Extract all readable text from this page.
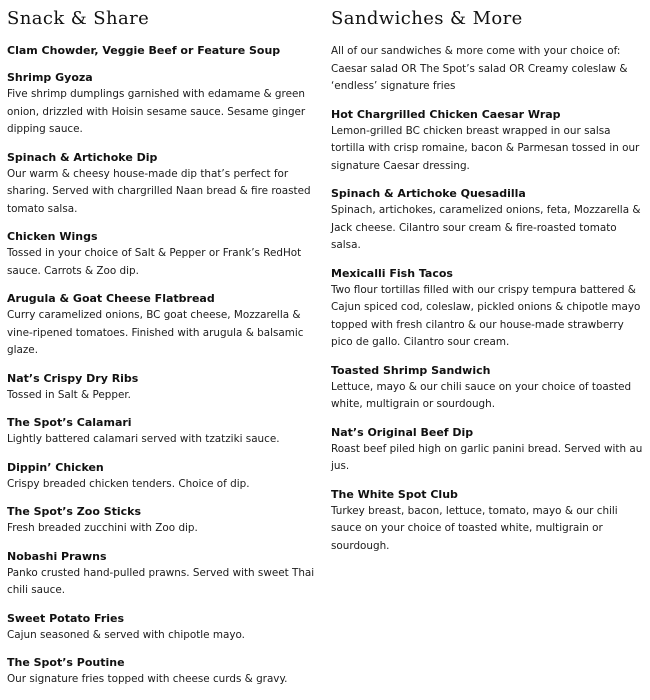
Snack & Share
Clam Chowder, Veggie Beef or Feature Soup
Shrimp Gyoza
Five shrimp dumplings garnished with edamame & green onion, drizzled with Hoisin sesame sauce. Sesame ginger dipping sauce.
Spinach & Artichoke Dip
Our warm & cheesy house-made dip that’s perfect for sharing. Served with chargrilled Naan bread & fire roasted tomato salsa.
Chicken Wings
Tossed in your choice of Salt & Pepper or Frank’s RedHot sauce. Carrots & Zoo dip.
Arugula & Goat Cheese Flatbread
Curry caramelized onions, BC goat cheese, Mozzarella & vine-ripened tomatoes. Finished with arugula & balsamic glaze.
Nat’s Crispy Dry Ribs
Tossed in Salt & Pepper.
The Spot’s Calamari
Lightly battered calamari served with tzatziki sauce.
Dippin’ Chicken
Crispy breaded chicken tenders. Choice of dip.
The Spot’s Zoo Sticks
Fresh breaded zucchini with Zoo dip.
Nobashi Prawns
Panko crusted hand-pulled prawns. Served with sweet Thai chili sauce.
Sweet Potato Fries
Cajun seasoned & served with chipotle mayo.
The Spot’s Poutine
Our signature fries topped with cheese curds & gravy.
Sandwiches & More
All of our sandwiches & more come with your choice of: Caesar salad OR The Spot’s salad OR Creamy coleslaw & ‘endless’ signature fries
Hot Chargrilled Chicken Caesar Wrap
Lemon-grilled BC chicken breast wrapped in our salsa tortilla with crisp romaine, bacon & Parmesan tossed in our signature Caesar dressing.
Spinach & Artichoke Quesadilla
Spinach, artichokes, caramelized onions, feta, Mozzarella & Jack cheese. Cilantro sour cream & fire-roasted tomato salsa.
Mexicalli Fish Tacos
Two flour tortillas filled with our crispy tempura battered & Cajun spiced cod, coleslaw, pickled onions & chipotle mayo topped with fresh cilantro & our house-made strawberry pico de gallo. Cilantro sour cream.
Toasted Shrimp Sandwich
Lettuce, mayo & our chili sauce on your choice of toasted white, multigrain or sourdough.
Nat’s Original Beef Dip
Roast beef piled high on garlic panini bread. Served with au jus.
The White Spot Club
Turkey breast, bacon, lettuce, tomato, mayo & our chili sauce on your choice of toasted white, multigrain or sourdough.
